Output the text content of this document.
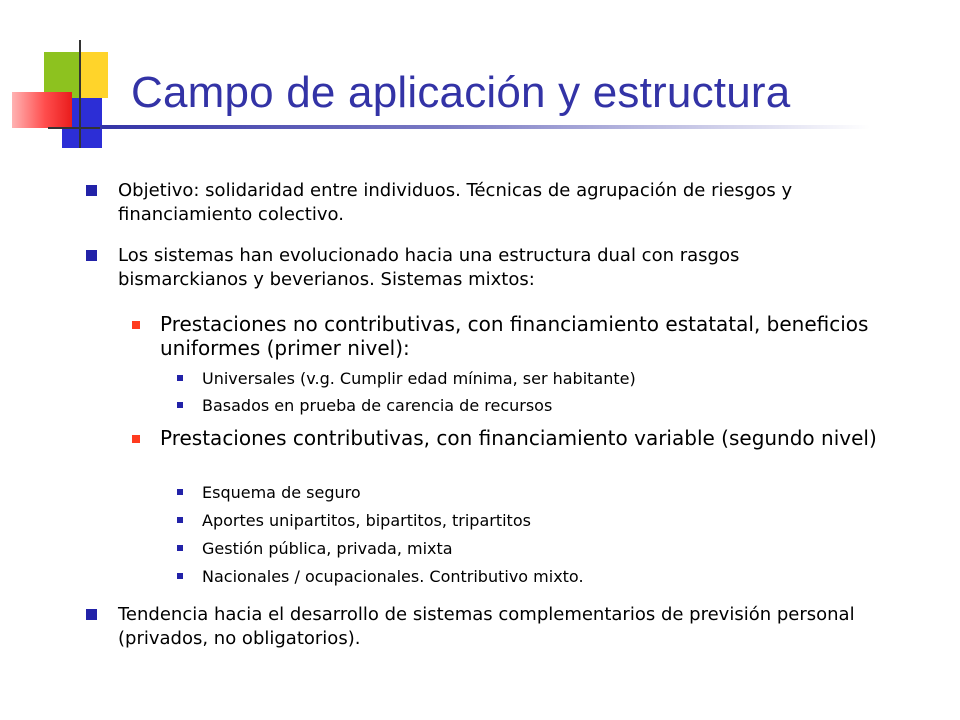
Campo de aplicación y estructura
Objetivo: solidaridad entre individuos. Técnicas de agrupación de riesgos y financiamiento colectivo.
Los sistemas han evolucionado hacia una estructura dual con rasgos bismarckianos y beverianos. Sistemas mixtos:
Prestaciones no contributivas, con financiamiento estatatal, beneficios uniformes (primer nivel):
Universales (v.g. Cumplir edad mínima, ser habitante)
Basados en prueba de carencia de recursos
Prestaciones contributivas, con financiamiento variable (segundo nivel)
Esquema de seguro
Aportes unipartitos, bipartitos, tripartitos
Gestión pública, privada, mixta
Nacionales / ocupacionales. Contributivo mixto.
Tendencia hacia el desarrollo de sistemas complementarios de previsión personal (privados, no obligatorios).
